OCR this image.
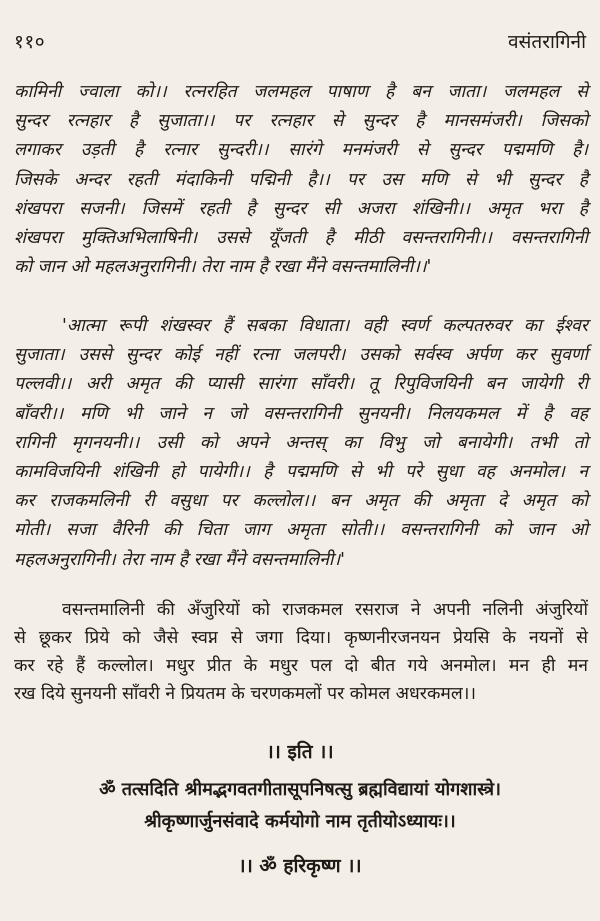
११०	वसंतरागिनी
कामिनी ज्वाला को।। रत्नरहित जलमहल पाषाण है बन जाता। जलमहल से
सुन्दर रत्नहार है सुजाता।। पर रत्नहार से सुन्दर है मानसमंजरी। जिसको
लगाकर उड़ती है रत्नार सुन्दरी।। सारंगे मनमंजरी से सुन्दर पद्ममणि है।
जिसके अन्दर रहती मंदाकिनी पद्मिनी है।। पर उस मणि से भी सुन्दर है
शंखपरा सजनी। जिसमें रहती है सुन्दर सी अजरा शंखिनी।। अमृत भरा है
शंखपरा मुक्तिअभिलाषिनी। उससे यूँजती है मीठी वसन्तरागिनी।। वसन्तरागिनी
को जान ओ महलअनुरागिनी। तेरा नाम है रखा मैंने वसन्तमालिनी।।'
'आत्मा रूपी शंखस्वर हैं सबका विधाता। वही स्वर्ण कल्पतरुवर का ईश्वर
सुजाता। उससे सुन्दर कोई नहीं रत्ना जलपरी। उसको सर्वस्व अर्पण कर सुवर्णा
पल्लवी।। अरी अमृत की प्यासी सारंगा साँवरी। तू रिपुविजयिनी बन जायेगी री
बाँवरी।। मणि भी जाने न जो वसन्तरागिनी सुनयनी। निलयकमल में है वह
रागिनी मृगनयनी।। उसी को अपने अन्तस् का विभु जो बनायेगी। तभी तो
कामविजयिनी शंखिनी हो पायेगी।। है पद्ममणि से भी परे सुधा वह अनमोल। न
कर राजकमलिनी री वसुधा पर कल्लोल।। बन अमृत की अमृता दे अमृत को
मोती। सजा वैरिनी की चिता जाग अमृता सोती।। वसन्तरागिनी को जान ओ
महलअनुरागिनी। तेरा नाम है रखा मैंने वसन्तमालिनी।'
वसन्तमालिनी की अँजुरियों को राजकमल रसराज ने अपनी नलिनी अंजुरियों
से छूकर प्रिये को जैसे स्वप्न से जगा दिया। कृष्णनीरजनयन प्रेयसि के नयनों से
कर रहे हैं कल्लोल। मधुर प्रीत के मधुर पल दो बीत गये अनमोल। मन ही मन
रख दिये सुनयनी साँवरी ने प्रियतम के चरणकमलों पर कोमल अधरकमल।।
।। इति ।।
ॐ तत्सदिति श्रीमद्भगवतगीतासूपनिषत्सु ब्रह्मविद्यायां योगशास्त्रे।
श्रीकृष्णार्जुनसंवादे कर्मयोगो नाम तृतीयोऽध्यायः।।
।। ॐ हरिकृष्ण ।।
